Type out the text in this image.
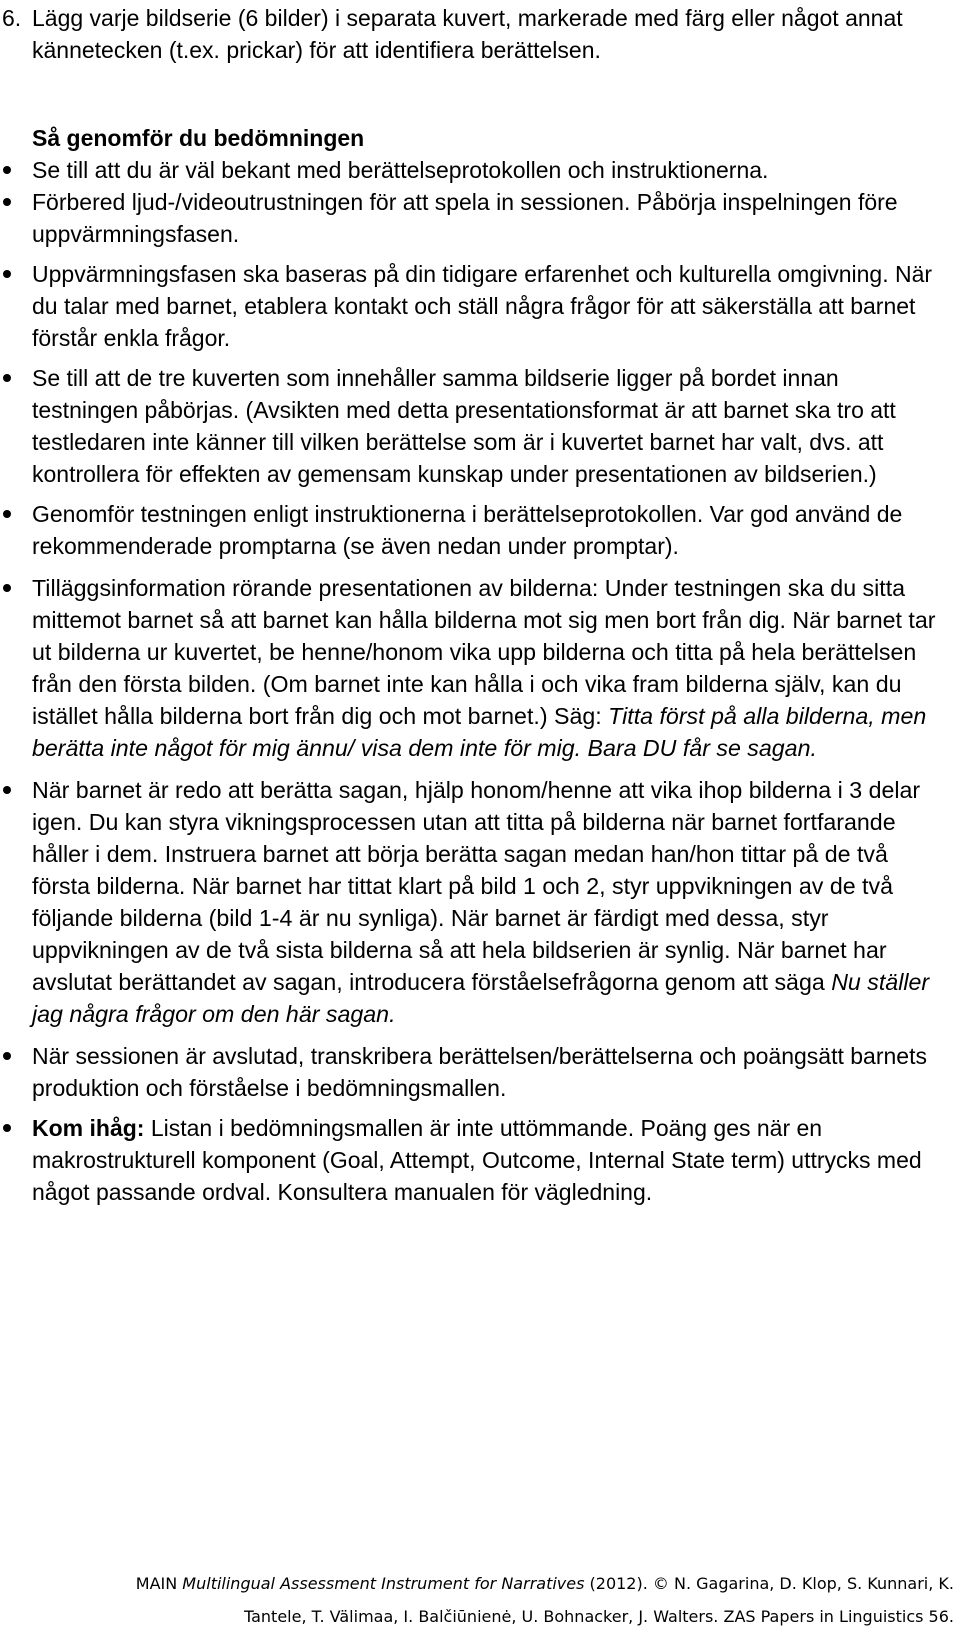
6. Lägg varje bildserie (6 bilder) i separata kuvert, markerade med färg eller något annat kännetecken (t.ex. prickar) för att identifiera berättelsen.
Så genomför du bedömningen
Se till att du är väl bekant med berättelseprotokollen och instruktionerna.
Förbered ljud-/videoutrustningen för att spela in sessionen. Påbörja inspelningen före uppvärmningsfasen.
Uppvärmningsfasen ska baseras på din tidigare erfarenhet och kulturella omgivning. När du talar med barnet, etablera kontakt och ställ några frågor för att säkerställa att barnet förstår enkla frågor.
Se till att de tre kuverten som innehåller samma bildserie ligger på bordet innan testningen påbörjas. (Avsikten med detta presentationsformat är att barnet ska tro att testledaren inte känner till vilken berättelse som är i kuvertet barnet har valt, dvs. att kontrollera för effekten av gemensam kunskap under presentationen av bildserien.)
Genomför testningen enligt instruktionerna i berättelseprotokollen. Var god använd de rekommenderade promptarna (se även nedan under promptar).
Tilläggsinformation rörande presentationen av bilderna: Under testningen ska du sitta mittemot barnet så att barnet kan hålla bilderna mot sig men bort från dig. När barnet tar ut bilderna ur kuvertet, be henne/honom vika upp bilderna och titta på hela berättelsen från den första bilden. (Om barnet inte kan hålla i och vika fram bilderna själv, kan du istället hålla bilderna bort från dig och mot barnet.) Säg: Titta först på alla bilderna, men berätta inte något för mig ännu/ visa dem inte för mig. Bara DU får se sagan.
När barnet är redo att berätta sagan, hjälp honom/henne att vika ihop bilderna i 3 delar igen. Du kan styra vikningsprocessen utan att titta på bilderna när barnet fortfarande håller i dem. Instruera barnet att börja berätta sagan medan han/hon tittar på de två första bilderna. När barnet har tittat klart på bild 1 och 2, styr uppvikningen av de två följande bilderna (bild 1-4 är nu synliga). När barnet är färdigt med dessa, styr uppvikningen av de två sista bilderna så att hela bildserien är synlig. När barnet har avslutat berättandet av sagan, introducera förståelsefrågorna genom att säga Nu ställer jag några frågor om den här sagan.
När sessionen är avslutad, transkribera berättelsen/berättelserna och poängsätt barnets produktion och förståelse i bedömningsmallen.
Kom ihåg: Listan i bedömningsmallen är inte uttömmande. Poäng ges när en makrostrukturell komponent (Goal, Attempt, Outcome, Internal State term) uttrycks med något passande ordval. Konsultera manualen för vägledning.
MAIN Multilingual Assessment Instrument for Narratives (2012). © N. Gagarina, D. Klop, S. Kunnari, K.
Tantele, T. Välimaa, I. Balčiūnienė, U. Bohnacker, J. Walters. ZAS Papers in Linguistics 56.
